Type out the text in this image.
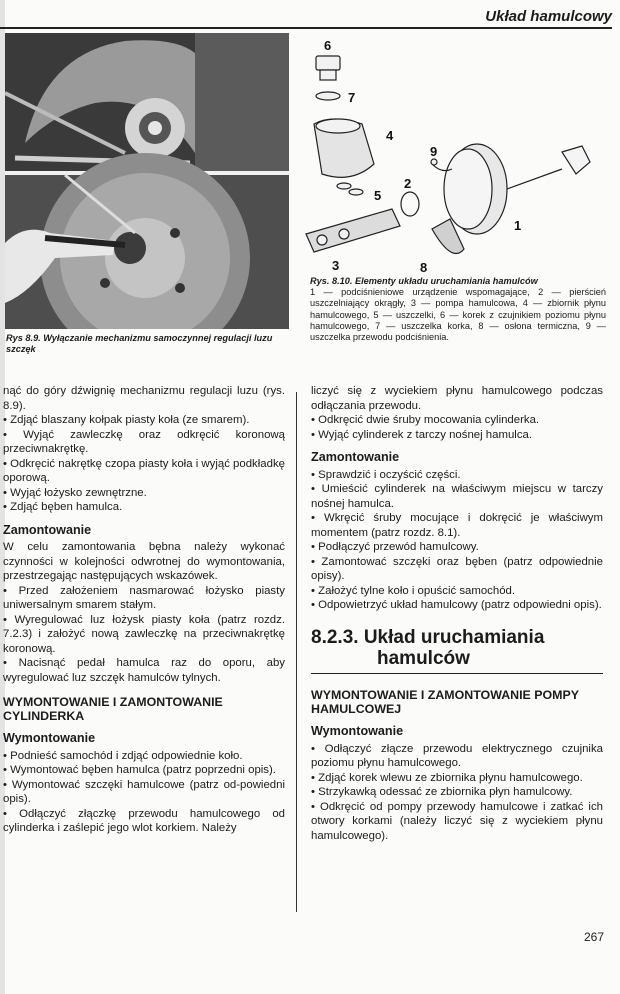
Układ hamulcowy
Rys 8.9. Wyłączanie mechanizmu samoczynnej regulacji luzu szczęk
6
7
4
9
5
2
1
3	8
Rys. 8.10. Elementy układu uruchamiania hamulców
1 — podciśnieniowe urządzenie wspomagające, 2 — pierścień uszczelniający okrągły, 3 — pompa hamulcowa, 4 — zbiornik płynu hamulcowego, 5 — uszczelki, 6 — korek z czujnikiem poziomu płynu hamulcowego, 7 — uszczelka korka, 8 — osłona termiczna, 9 — uszczelka przewodu podciśnienia.

nąć do góry dźwignię mechanizmu regulacji luzu (rys. 8.9).

• Zdjąć blaszany kołpak piasty koła (ze smarem).

• Wyjąć zawleczkę oraz odkręcić koronową przeciwnakrętkę.

• Odkręcić nakrętkę czopa piasty koła i wyjąć podkładkę oporową.

• Wyjąć łożysko zewnętrzne.

• Zdjąć bęben hamulca.

Zamontowanie

W celu zamontowania bębna należy wykonać czynności w kolejności odwrotnej do wymontowania, przestrzegając następujących wskazówek.

• Przed założeniem nasmarować łożysko piasty uniwersalnym smarem stałym.

• Wyregulować luz łożysk piasty koła (patrz rozdz. 7.2.3) i założyć nową zawleczkę na przeciwnakrętkę koronową.

• Nacisnąć pedał hamulca raz do oporu, aby wyregulować luz szczęk hamulców tylnych.

WYMONTOWANIE I ZAMONTOWANIE CYLINDERKA
Wymontowanie

• Podnieść samochód i zdjąć odpowiednie koło.

• Wymontować bęben hamulca (patrz poprzedni opis).

• Wymontować szczęki hamulcowe (patrz od-powiedni opis).

• Odłączyć złączkę przewodu hamulcowego od cylinderka i zaślepić jego wlot korkiem. Należy

liczyć się z wyciekiem płynu hamulcowego podczas odłączania przewodu.

• Odkręcić dwie śruby mocowania cylinderka.

• Wyjąć cylinderek z tarczy nośnej hamulca.

Zamontowanie

• Sprawdzić i oczyścić części.

• Umieścić cylinderek na właściwym miejscu w tarczy nośnej hamulca.

• Wkręcić śruby mocujące i dokręcić je właściwym momentem (patrz rozdz. 8.1).

• Podłączyć przewód hamulcowy.

• Zamontować szczęki oraz bęben (patrz odpowiednie opisy).

• Założyć tylne koło i opuścić samochód.

• Odpowietrzyć układ hamulcowy (patrz odpowiedni opis).

8.2.3. Układ uruchamiania
hamulców
WYMONTOWANIE I ZAMONTOWANIE POMPY HAMULCOWEJ
Wymontowanie

• Odłączyć złącze przewodu elektrycznego czujnika poziomu płynu hamulcowego.

• Zdjąć korek wlewu ze zbiornika płynu hamulcowego.

• Strzykawką odessać ze zbiornika płyn hamulcowy.

• Odkręcić od pompy przewody hamulcowe i zatkać ich otwory korkami (należy liczyć się z wyciekiem płynu hamulcowego).

267
